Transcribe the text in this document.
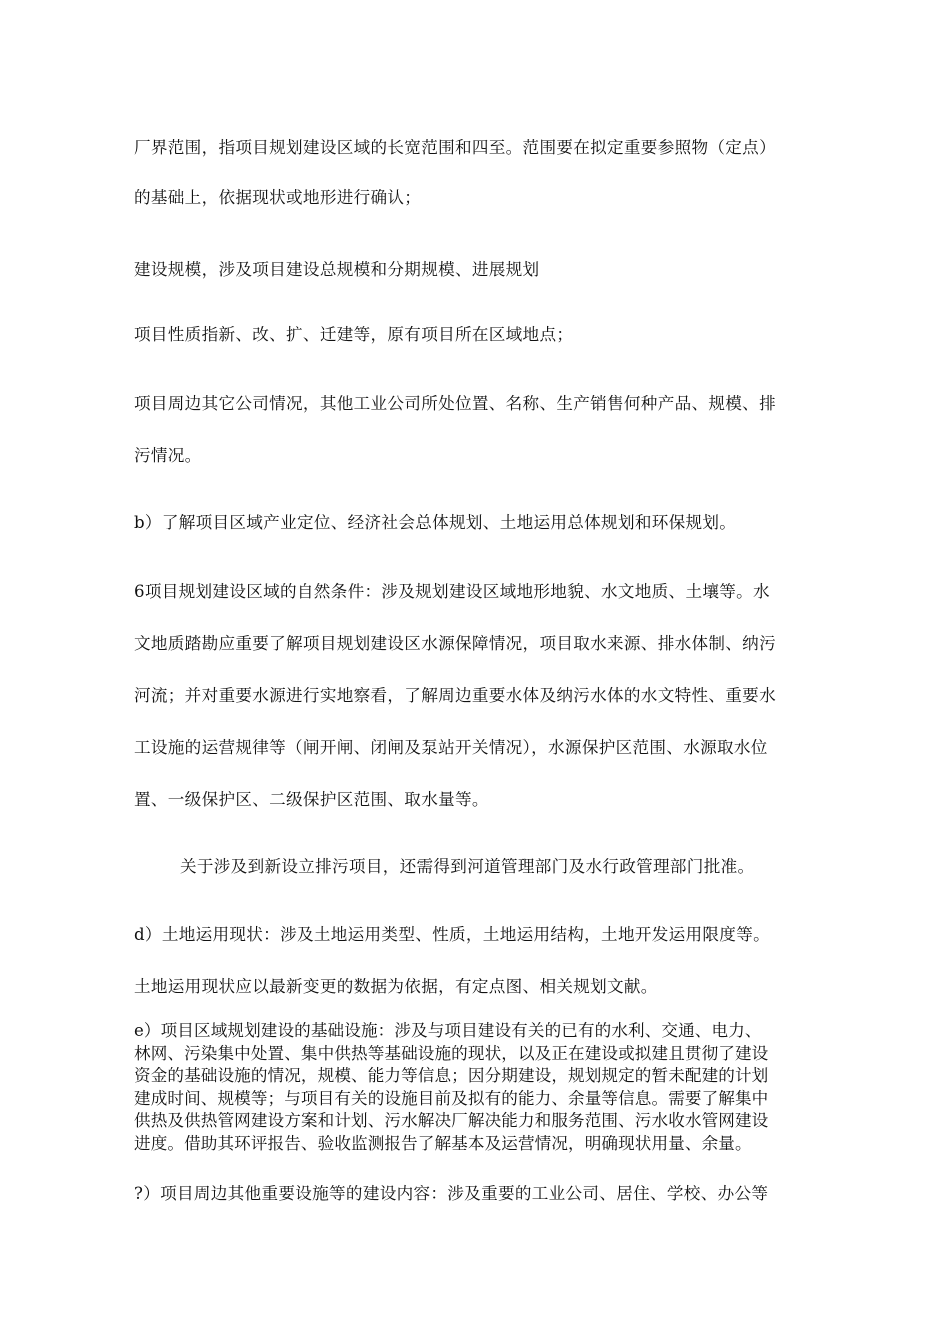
厂界范围，指项目规划建设区域的长宽范围和四至。范围要在拟定重要参照物（定点）
的基础上，依据现状或地形进行确认；
建设规模，涉及项目建设总规模和分期规模、进展规划
项目性质指新、改、扩、迁建等，原有项目所在区域地点；
项目周边其它公司情况，其他工业公司所处位置、名称、生产销售何种产品、规模、排
污情况。
b）了解项目区域产业定位、经济社会总体规划、土地运用总体规划和环保规划。
6项目规划建设区域的自然条件：涉及规划建设区域地形地貌、水文地质、土壤等。水
文地质踏勘应重要了解项目规划建设区水源保障情况，项目取水来源、排水体制、纳污
河流；并对重要水源进行实地察看，了解周边重要水体及纳污水体的水文特性、重要水
工设施的运营规律等（闸开闸、闭闸及泵站开关情况），水源保护区范围、水源取水位
置、一级保护区、二级保护区范围、取水量等。
关于涉及到新设立排污项目，还需得到河道管理部门及水行政管理部门批准。
d）土地运用现状：涉及土地运用类型、性质，土地运用结构，土地开发运用限度等。
土地运用现状应以最新变更的数据为依据，有定点图、相关规划文献。
e）项目区域规划建设的基础设施：涉及与项目建设有关的已有的水利、交通、电力、
林网、污染集中处置、集中供热等基础设施的现状，以及正在建设或拟建且贯彻了建设
资金的基础设施的情况，规模、能力等信息；因分期建设，规划规定的暂未配建的计划
建成时间、规模等；与项目有关的设施目前及拟有的能力、余量等信息。需要了解集中
供热及供热管网建设方案和计划、污水解决厂解决能力和服务范围、污水收水管网建设
进度。借助其环评报告、验收监测报告了解基本及运营情况，明确现状用量、余量。
?）项目周边其他重要设施等的建设内容：涉及重要的工业公司、居住、学校、办公等
